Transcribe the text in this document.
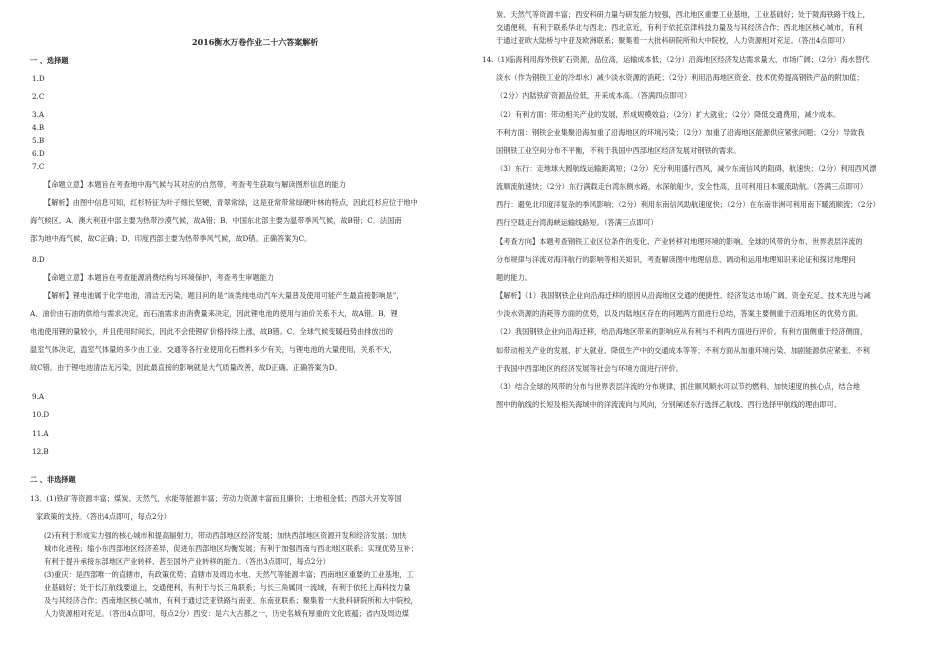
2016衡水万卷作业二十六答案解析
一 、选择题
1.D
2.C
3.A
4.B
5.B
6.D
7.C
【命题立意】本题旨在考查地中海气候与其对应的自然带，考查考生获取与解读图形信息的能力
【解析】由图中信息可知，红杉特征为叶子细长坚硬，青翠常绿，这是亚常带常绿硬叶林的特点，因此红杉应位于地中
海气候区。A．澳大利亚中部主要为热带沙漠气候，故A错；B．中国东北部主要为温带季风气候，故B错；C．法国南
部为地中海气候，故C正确；D．印度西部主要为热带季风气候，故D错。正确答案为C。
8.D
【命题立意】本题旨在考查能源消费结构与环境保护，考查考生审题能力
【解析】锂电池属于化学电池，清洁无污染，题目问的是“该类纯电动汽车大量普及使用可能产生最直接影响是”，
A．油价由石油的供给与需求决定，而石油需求由消费量来决定，因此锂电池的使用与油价关系不大，故A错。B．锂
电池使用锂的量较小，并且使用时间长，因此不会使锂矿价格持续上涨，故B错。C．全球气候变暖趋势由排放出的
温室气体决定，温室气体量的多少由工业、交通等各行业使用化石燃料多少有关，与锂电池的大量使用，关系不大，
故C错。由于锂电池清洁无污染，因此最直接的影响就是大气质量改善，故D正确。正确答案为D。
9.A
10.D
11.A
12.B
二 、非选择题
13．(1)铁矿等资源丰富；煤炭、天然气、水能等能源丰富；劳动力资源丰富而且廉价；土地租金低；西部大开发等国
家政策的支持。（答出4点即可，每点2分）
(2)有利于形成实力强的核心城市和提高辐射力，带动西部地区经济发展；加快西部地区资源开发和经济发展；加快
城市化进程；缩小东西部地区经济差异，促进东西部地区均衡发展；有利于加强西南与西北地区联系；实现优势互补；
有利于提升承接东部地区产业转移、甚至国外产业转移的能力。（答出3点即可，每点2分）
(3)重庆：是西部唯一的直辖市，有政策优势；直辖市及周边水电、天然气等能源丰富；西南地区重要的工业基地，工
业基础好；处于长江航线要道上，交通便利，有利于与长三角联系；与长三角属同一流域，有利于依托上海科技力量
及与其经济合作；西南地区核心城市，有利于通过泛亚铁路与南亚、东南亚联系；聚集着一大批科研院所和大中院校，
人力资源相对充足。（答出4点即可，每点2分）西安：是六大古都之一，历史名城有厚重的文化底蕴；省内及周边煤
炭、天然气等资源丰富；西安科研力量与研发能力较强，西北地区重要工业基地，工业基础好；处于陇海铁路干线上，
交通便利，有利于联系华北与西北；西北京近，有利于依托京津科技力量及与其经济合作；西北地区核心城市，有利
于通过亚欧大陆桥与中亚及欧洲联系；聚集着一大批科研院所和大中院校，人力资源相对充足。（答出4点即可）
14.（1)临海利用海外铁矿石资源，品位高，运输成本低；（2分）沿海地区经济发达需求量大、市场广阔；（2分）海水替代
淡水（作为钢铁工业的冷却水）减少淡水资源的消耗；（2分）利用沿海地区资金、技术优势提高钢铁产品的附加值；
（2分）内陆铁矿资源品位低，开采成本高。（答满四点即可）
（2）有利方面：带动相关产业的发展，形成规模效益；（2分）扩大就业；（2分）降低交通费用，减少成本。
不利方面：钢铁企业集聚沿海加重了沿海地区的环境污染；（2分）加重了沿海地区能源供应紧张问题；（2分）导致我
国钢铁工业空间分布不平衡，不利于我国中西部地区经济发展对钢铁的需求。
（3）东行：走地球大圆航线运输距离短；（2分）充分利用盛行西风，减少东南信风的阻碍，航速快；（2分）利用西风漂
流顺流航速快；（2分）东行满载走台湾东侧水路，水深航船少，安全性高，且可利用日本暖流助航。（答满三点即可）
西行：避免北印度洋复杂的季风影响；（2分）利用东南信风助航速度快；（2分）在东南非洲可利用南下暖流顺流；（2分）
西行空载走台湾海峡运输线路短。（答满三点即可）
【考查方向】本题考查钢铁工业区位条件的变化、产业转移对地理环境的影响、全球的风带的分布、世界表层洋流的
分布规律与洋流对海洋航行的影响等相关知识，考查解读图中地理信息、调动和运用地理知识来论证和探讨地理问
题的能力。
【解析】（1）我国钢铁企业向沿海迁移的原因从沿海地区交通的便捷性、经济发达市场广阔、资金充足、技术先进与减
少淡水资源的消耗等方面的优势，以及内陆地区存在的问题两方面进行总结，答案主要侧重于沿海地区的优势方面。
（2）我国钢铁企业向沿海迁移，给沿海地区带来的影响应从有利与不利两方面进行评价。有利方面侧重于经济侧面，
如带动相关产业的发展、扩大就业、降低生产中的交通成本等等；不利方面从加重环境污染、加剧能源供应紧张、不利
于我国中西部地区的经济发展等社会与环境方面进行评价。
（3）结合全球的风带的分布与世界表层洋流的分布规律，抓住顺风顺水可以节约燃料、加快速度的核心点，结合地
图中的航线的长短及相关海域中的洋流流向与风向，分别阐述东行选择乙航线、西行选择甲航线的理由即可。
